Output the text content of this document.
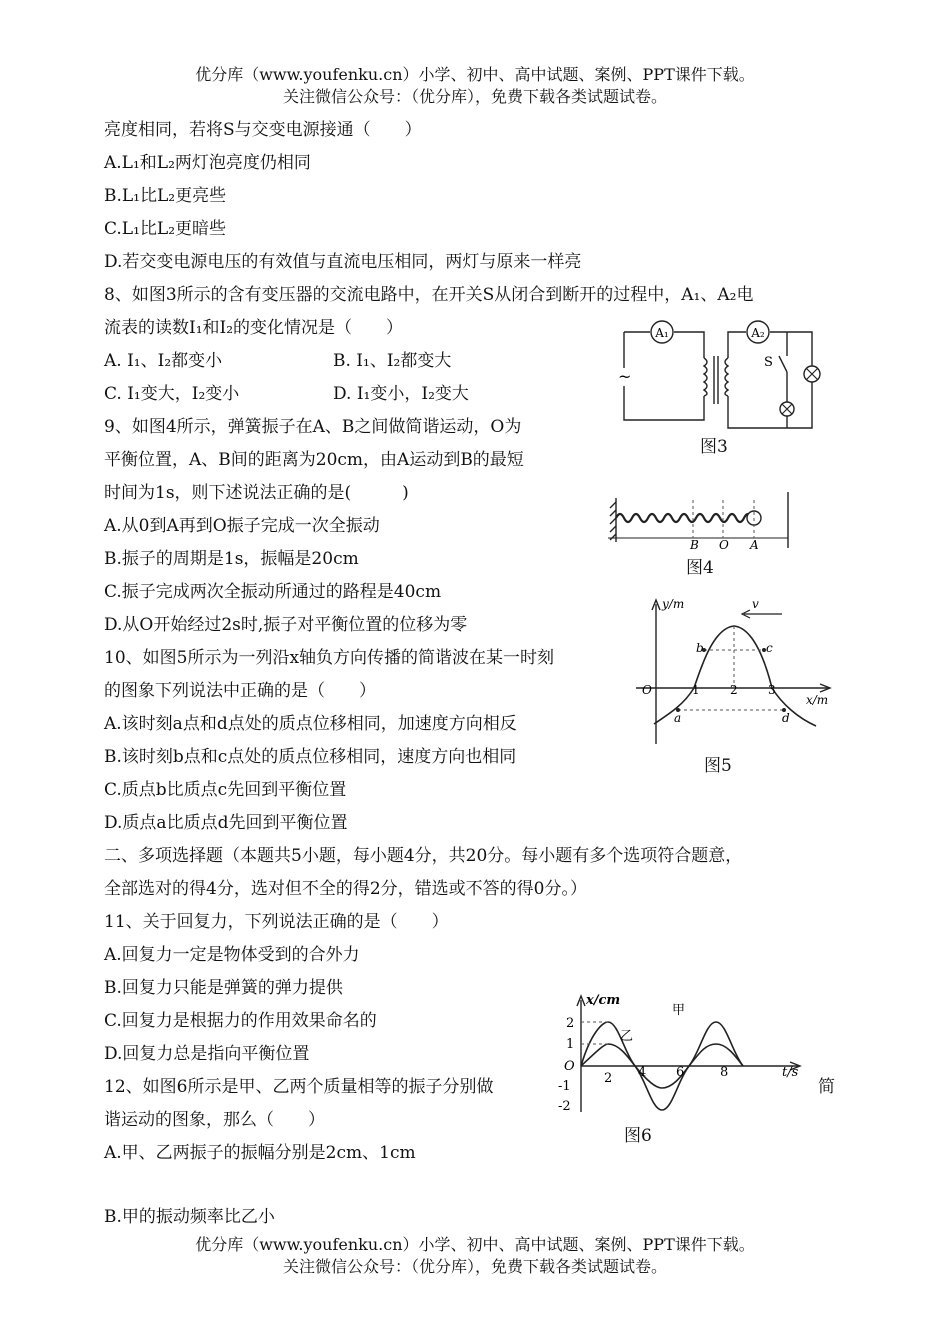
优分库（www.youfenku.cn）小学、初中、高中试题、案例、PPT课件下载。
关注微信公众号：（优分库），免费下载各类试题试卷。
亮度相同，若将S与交变电源接通（　　）
A.L₁和L₂两灯泡亮度仍相同
B.L₁比L₂更亮些
C.L₁比L₂更暗些
D.若交变电源电压的有效值与直流电压相同，两灯与原来一样亮
8、如图3所示的含有变压器的交流电路中，在开关S从闭合到断开的过程中，A₁、A₂电
流表的读数I₁和I₂的变化情况是（　　）
A. I₁、I₂都变小	B. I₁、I₂都变大
C. I₁变大，I₂变小	D. I₁变小，I₂变大
9、如图4所示，弹簧振子在A、B之间做简谐运动，O为
平衡位置，A、B间的距离为20cm，由A运动到B的最短
时间为1s，则下述说法正确的是(　　　)
A.从0到A再到O振子完成一次全振动
B.振子的周期是1s，振幅是20cm
C.振子完成两次全振动所通过的路程是40cm
D.从O开始经过2s时,振子对平衡位置的位移为零
10、如图5所示为一列沿x轴负方向传播的简谐波在某一时刻
的图象下列说法中正确的是（　　）
A.该时刻a点和d点处的质点位移相同，加速度方向相反
B.该时刻b点和c点处的质点位移相同，速度方向也相同
C.质点b比质点c先回到平衡位置
D.质点a比质点d先回到平衡位置
二、多项选择题（本题共5小题，每小题4分，共20分。每小题有多个选项符合题意，
全部选对的得4分，选对但不全的得2分，错选或不答的得0分。）
11、关于回复力，下列说法正确的是（　　）
A.回复力一定是物体受到的合外力
B.回复力只能是弹簧的弹力提供
C.回复力是根据力的作用效果命名的
D.回复力总是指向平衡位置
12、如图6所示是甲、乙两个质量相等的振子分别做	简
谐运动的图象，那么（　　）
A.甲、乙两振子的振幅分别是2cm、1cm
B.甲的振动频率比乙小
优分库（www.youfenku.cn）小学、初中、高中试题、案例、PPT课件下载。
关注微信公众号：（优分库），免费下载各类试题试卷。
A₁	A₂
S
~
图3
B O A
图4
y/m
x/m
O
v
1	2	3
b	c
a	d
图5
x/cm
t/s
O
2
1
-1
-2
2 4 6	8
甲
乙
图6
